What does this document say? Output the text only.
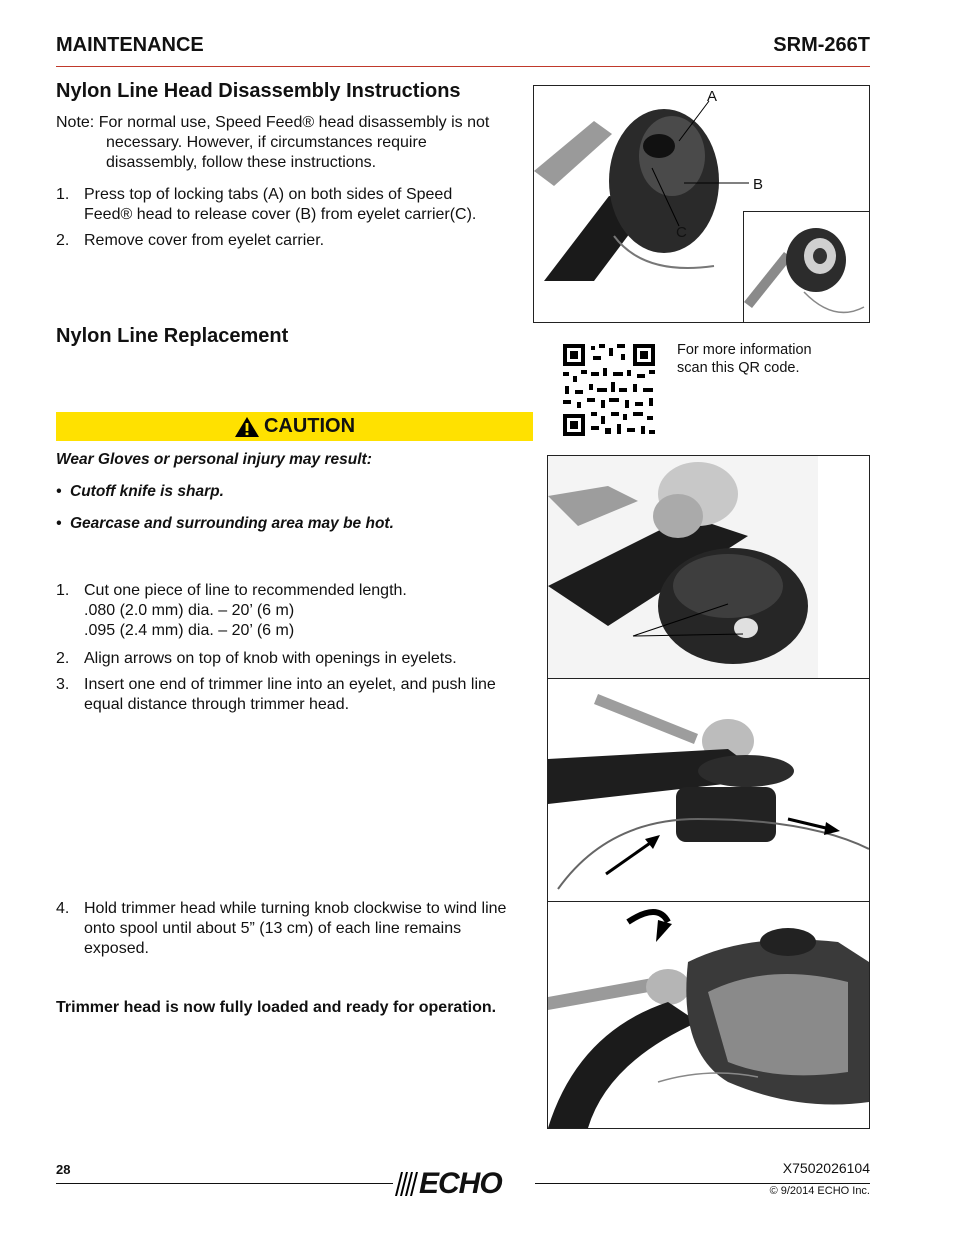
MAINTENANCE	SRM-266T
Nylon Line Head Disassembly Instructions
Note: For normal use, Speed Feed® head disassembly is not
necessary. However, if circumstances require
disassembly, follow these instructions.
1. Press top of locking tabs (A) on both sides of Speed
Feed® head to release cover (B) from eyelet carrier(C).
2. Remove cover from eyelet carrier.
A
B
C
Nylon Line Replacement
For more information
scan this QR code.
CAUTION
Wear Gloves or personal injury may result:
• Cutoff knife is sharp.
• Gearcase and surrounding area may be hot.
1. Cut one piece of line to recommended length.
.080 (2.0 mm) dia. – 20’ (6 m)
.095 (2.4 mm) dia. – 20’ (6 m)
2. Align arrows on top of knob with openings in eyelets.
3. Insert one end of trimmer line into an eyelet, and push line
equal distance through trimmer head.
4. Hold trimmer head while turning knob clockwise to wind line
onto spool until about 5” (13 cm) of each line remains
exposed.
Trimmer head is now fully loaded and ready for operation.
28	ECHO	X7502026104
© 9/2014 ECHO Inc.
